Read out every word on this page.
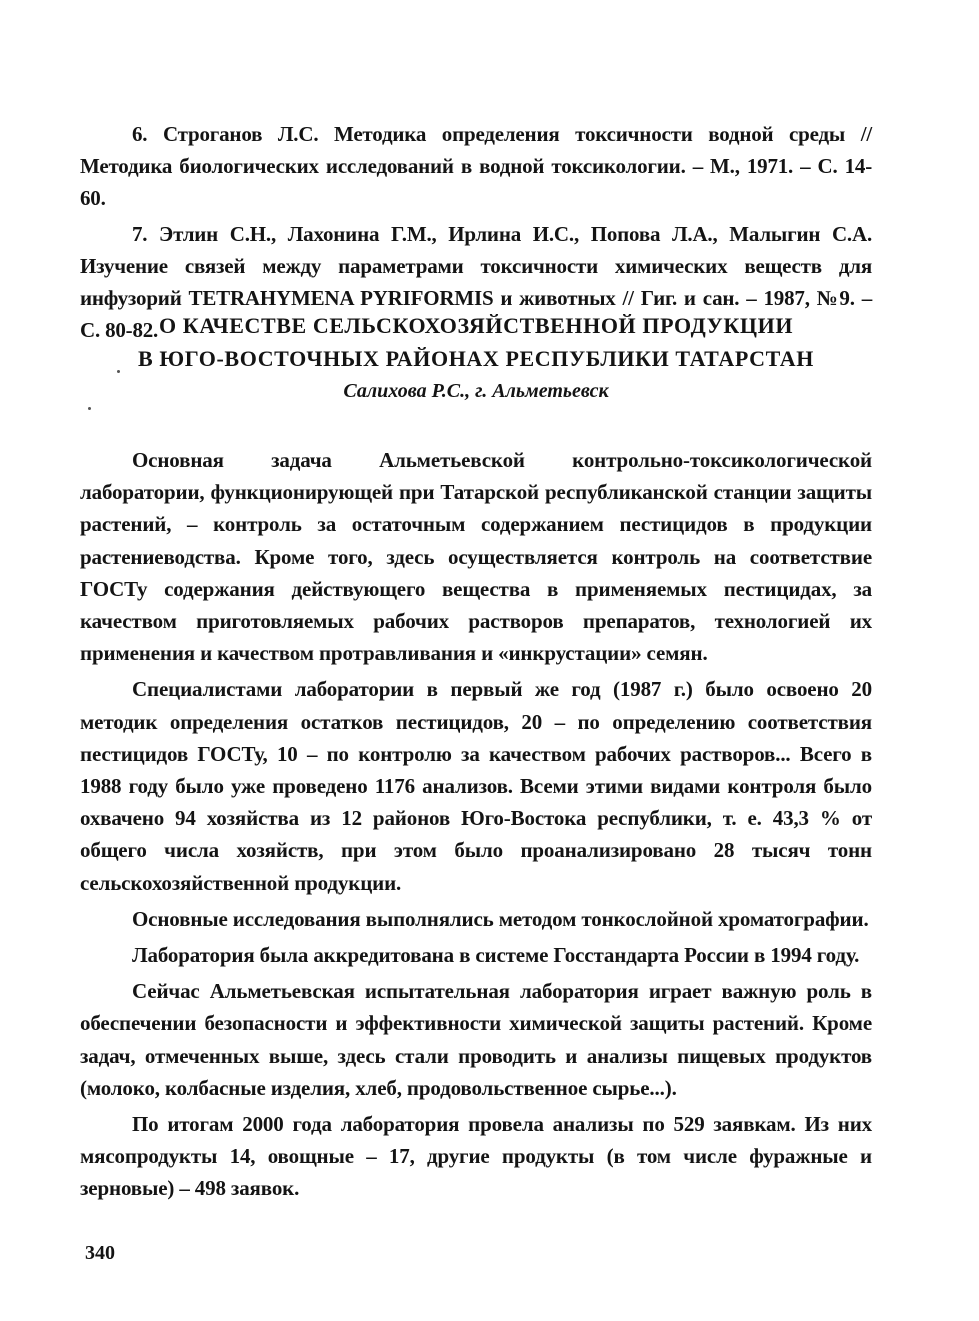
6. Строганов Л.С. Методика определения токсичности водной среды // Методика биологических исследований в водной токсикологии. – М., 1971. – С. 14-60.

7. Этлин С.Н., Лахонина Г.М., Ирлина И.С., Попова Л.А., Малыгин С.А. Изучение связей между параметрами токсичности химических веществ для инфузорий TETRAHYMENA PYRIFORMIS и животных // Гиг. и сан. – 1987, №9. – С. 80-82. О КАЧЕСТВЕ СЕЛЬСКОХОЗЯЙСТВЕННОЙ ПРОДУКЦИИ

В ЮГО-ВОСТОЧНЫХ РАЙОНАХ РЕСПУБЛИКИ ТАТАРСТАН

Салихова Р.С., г. Альметьевск

Основная задача Альметьевской контрольно-токсикологической лаборатории, функционирующей при Татарской республиканской станции защиты растений, – контроль за остаточным содержанием пестицидов в продукции растениеводства. Кроме того, здесь осуществляется контроль на соответствие ГОСТу содержания действующего вещества в применяемых пестицидах, за качеством приготовляемых рабочих растворов препаратов, технологией их применения и качеством протравливания и «инкрустации» семян.

Специалистами лаборатории в первый же год (1987 г.) было освоено 20 методик определения остатков пестицидов, 20 – по определению соответствия пестицидов ГОСТу, 10 – по контролю за качеством рабочих растворов... Всего в 1988 году было уже проведено 1176 анализов. Всеми этими видами контроля было охвачено 94 хозяйства из 12 районов Юго-Востока республики, т. е. 43,3 % от общего числа хозяйств, при этом было проанализировано 28 тысяч тонн сельскохозяйственной продукции.

Основные исследования выполнялись методом тонкослойной хроматографии.

Лаборатория была аккредитована в системе Госстандарта России в 1994 году.

Сейчас Альметьевская испытательная лаборатория играет важную роль в обеспечении безопасности и эффективности химической защиты растений. Кроме задач, отмеченных выше, здесь стали проводить и анализы пищевых продуктов (молоко, колбасные изделия, хлеб, продовольственное сырье...).

По итогам 2000 года лаборатория провела анализы по 529 заявкам. Из них мясопродукты 14, овощные – 17, другие продукты (в том числе фуражные и зерновые) – 498 заявок.

340
